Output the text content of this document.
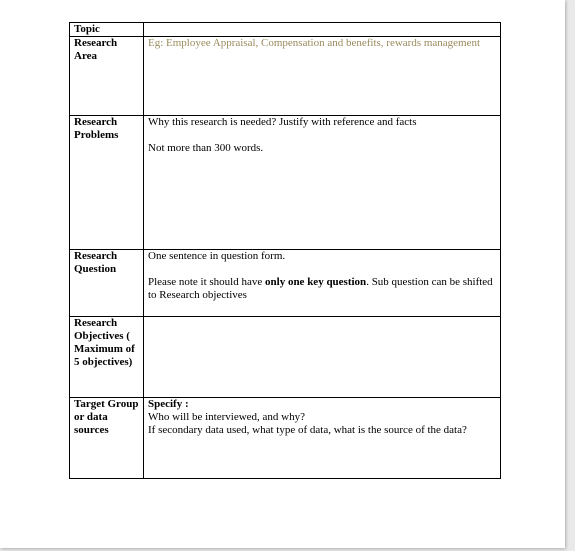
Topic	
Research Area	Eg: Employee Appraisal, Compensation and benefits, rewards management
Research Problems	Why this research is needed? Justify with reference and facts
Not more than 300 words.
Research Question	One sentence in question form.
Please note it should have only one key question. Sub question can be shifted to Research objectives
Research Objectives ( Maximum of 5 objectives)	
Target Group or data sources	Specify :
Who will be interviewed, and why?
If secondary data used, what type of data, what is the source of the data?
